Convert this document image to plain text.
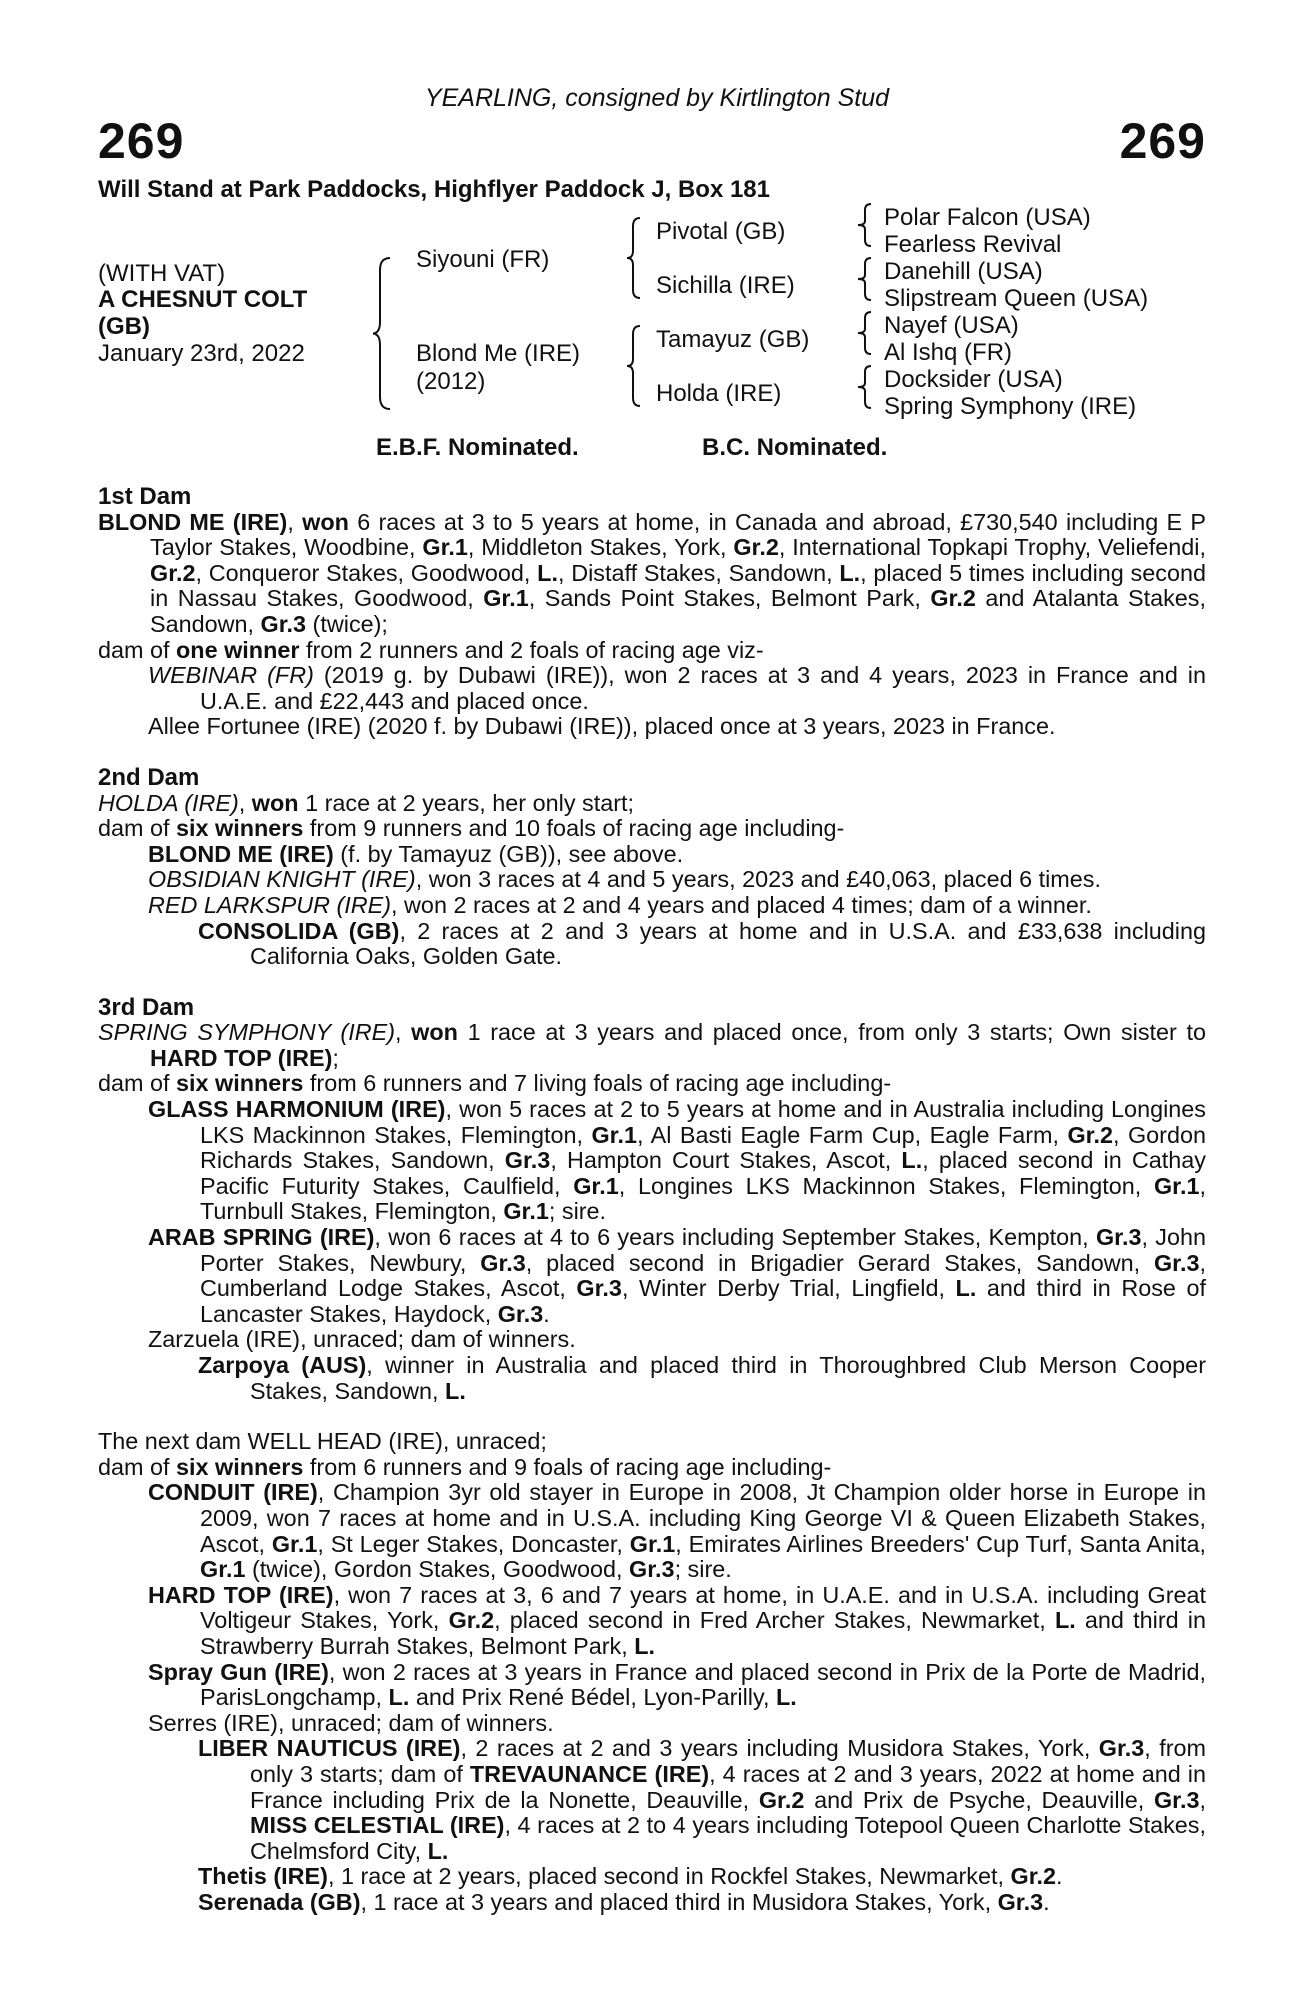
YEARLING, consigned by Kirtlington Stud
269	269
Will Stand at Park Paddocks, Highflyer Paddock J, Box 181
(WITH VAT)
A CHESNUT COLT
(GB)
January 23rd, 2022
Siyouni (FR)
Blond Me (IRE)
(2012)
Pivotal (GB)
Sichilla (IRE)
Tamayuz (GB)
Holda (IRE)
Polar Falcon (USA)
Fearless Revival
Danehill (USA)
Slipstream Queen (USA)
Nayef (USA)
Al Ishq (FR)
Docksider (USA)
Spring Symphony (IRE)
E.B.F. Nominated.	B.C. Nominated.
1st Dam

BLOND ME (IRE), won 6 races at 3 to 5 years at home, in Canada and abroad, £730,540 including E P Taylor Stakes, Woodbine, Gr.1, Middleton Stakes, York, Gr.2, International Topkapi Trophy, Veliefendi, Gr.2, Conqueror Stakes, Goodwood, L., Distaff Stakes, Sandown, L., placed 5 times including second in Nassau Stakes, Goodwood, Gr.1, Sands Point Stakes, Belmont Park, Gr.2 and Atalanta Stakes, Sandown, Gr.3 (twice);

dam of one winner from 2 runners and 2 foals of racing age viz-

WEBINAR (FR) (2019 g. by Dubawi (IRE)), won 2 races at 3 and 4 years, 2023 in France and in U.A.E. and £22,443 and placed once.

Allee Fortunee (IRE) (2020 f. by Dubawi (IRE)), placed once at 3 years, 2023 in France.

2nd Dam

HOLDA (IRE), won 1 race at 2 years, her only start;

dam of six winners from 9 runners and 10 foals of racing age including-

BLOND ME (IRE) (f. by Tamayuz (GB)), see above.

OBSIDIAN KNIGHT (IRE), won 3 races at 4 and 5 years, 2023 and £40,063, placed 6 times.

RED LARKSPUR (IRE), won 2 races at 2 and 4 years and placed 4 times; dam of a winner.

CONSOLIDA (GB), 2 races at 2 and 3 years at home and in U.S.A. and £33,638 including California Oaks, Golden Gate.

3rd Dam

SPRING SYMPHONY (IRE), won 1 race at 3 years and placed once, from only 3 starts; Own sister to HARD TOP (IRE);

dam of six winners from 6 runners and 7 living foals of racing age including-

GLASS HARMONIUM (IRE), won 5 races at 2 to 5 years at home and in Australia including Longines LKS Mackinnon Stakes, Flemington, Gr.1, Al Basti Eagle Farm Cup, Eagle Farm, Gr.2, Gordon Richards Stakes, Sandown, Gr.3, Hampton Court Stakes, Ascot, L., placed second in Cathay Pacific Futurity Stakes, Caulfield, Gr.1, Longines LKS Mackinnon Stakes, Flemington, Gr.1, Turnbull Stakes, Flemington, Gr.1; sire.

ARAB SPRING (IRE), won 6 races at 4 to 6 years including September Stakes, Kempton, Gr.3, John Porter Stakes, Newbury, Gr.3, placed second in Brigadier Gerard Stakes, Sandown, Gr.3, Cumberland Lodge Stakes, Ascot, Gr.3, Winter Derby Trial, Lingfield, L. and third in Rose of Lancaster Stakes, Haydock, Gr.3.

Zarzuela (IRE), unraced; dam of winners.

Zarpoya (AUS), winner in Australia and placed third in Thoroughbred Club Merson Cooper Stakes, Sandown, L.

The next dam WELL HEAD (IRE), unraced;

dam of six winners from 6 runners and 9 foals of racing age including-

CONDUIT (IRE), Champion 3yr old stayer in Europe in 2008, Jt Champion older horse in Europe in 2009, won 7 races at home and in U.S.A. including King George VI & Queen Elizabeth Stakes, Ascot, Gr.1, St Leger Stakes, Doncaster, Gr.1, Emirates Airlines Breeders' Cup Turf, Santa Anita, Gr.1 (twice), Gordon Stakes, Goodwood, Gr.3; sire.

HARD TOP (IRE), won 7 races at 3, 6 and 7 years at home, in U.A.E. and in U.S.A. including Great Voltigeur Stakes, York, Gr.2, placed second in Fred Archer Stakes, Newmarket, L. and third in Strawberry Burrah Stakes, Belmont Park, L.

Spray Gun (IRE), won 2 races at 3 years in France and placed second in Prix de la Porte de Madrid, ParisLongchamp, L. and Prix René Bédel, Lyon-Parilly, L.

Serres (IRE), unraced; dam of winners.

LIBER NAUTICUS (IRE), 2 races at 2 and 3 years including Musidora Stakes, York, Gr.3, from only 3 starts; dam of TREVAUNANCE (IRE), 4 races at 2 and 3 years, 2022 at home and in France including Prix de la Nonette, Deauville, Gr.2 and Prix de Psyche, Deauville, Gr.3, MISS CELESTIAL (IRE), 4 races at 2 to 4 years including Totepool Queen Charlotte Stakes, Chelmsford City, L.

Thetis (IRE), 1 race at 2 years, placed second in Rockfel Stakes, Newmarket, Gr.2.

Serenada (GB), 1 race at 3 years and placed third in Musidora Stakes, York, Gr.3.
